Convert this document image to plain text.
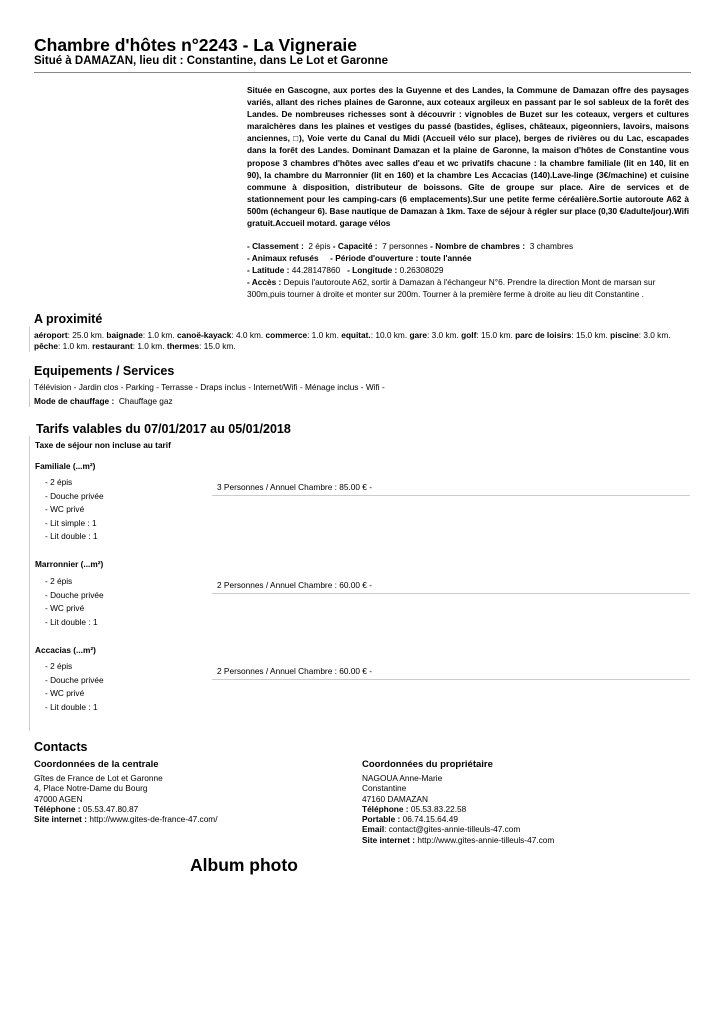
Chambre d'hôtes n°2243 - La Vigneraie
Situé à DAMAZAN, lieu dit : Constantine, dans Le Lot et Garonne
Située en Gascogne, aux portes des la Guyenne et des Landes, la Commune de Damazan offre des paysages variés, allant des riches plaines de Garonne, aux coteaux argileux en passant par le sol sableux de la forêt des Landes. De nombreuses richesses sont à découvrir : vignobles de Buzet sur les coteaux, vergers et cultures maraîchères dans les plaines et vestiges du passé (bastides, églises, châteaux, pigeonniers, lavoirs, maisons anciennes, □), Voie verte du Canal du Midi (Accueil vélo sur place), berges de rivières ou du Lac, escapades dans la forêt des Landes. Dominant Damazan et la plaine de Garonne, la maison d'hôtes de Constantine vous propose 3 chambres d'hôtes avec salles d'eau et wc privatifs chacune : la chambre familiale (lit en 140, lit en 90), la chambre du Marronnier (lit en 160) et la chambre Les Accacias (140).Lave-linge (3€/machine) et cuisine commune à disposition, distributeur de boissons. Gîte de groupe sur place. Aire de services et de stationnement pour les camping-cars (6 emplacements).Sur une petite ferme céréalière.Sortie autoroute A62 à 500m (échangeur 6). Base nautique de Damazan à 1km. Taxe de séjour à régler sur place (0,30 €/adulte/jour).Wifi gratuit.Accueil motard. garage vélos
- Classement : 2 épis - Capacité : 7 personnes - Nombre de chambres : 3 chambres
- Animaux refusés - Période d'ouverture : toute l'année
- Latitude : 44.28147860 - Longitude : 0.26308029
- Accès : Depuis l'autoroute A62, sortir à Damazan à l'échangeur N°6. Prendre la direction Mont de marsan sur 300m,puis tourner à droite et monter sur 200m. Tourner à la première ferme à droite au lieu dit Constantine .
A proximité
aéroport: 25.0 km. baignade: 1.0 km. canoë-kayack: 4.0 km. commerce: 1.0 km. equitat.: 10.0 km. gare: 3.0 km. golf: 15.0 km. parc de loisirs: 15.0 km. piscine: 3.0 km. pêche: 1.0 km. restaurant: 1.0 km. thermes: 15.0 km.
Equipements / Services
Télévision - Jardin clos - Parking - Terrasse - Draps inclus - Internet/Wifi - Ménage inclus - Wifi -
Mode de chauffage : Chauffage gaz
Tarifs valables du 07/01/2017 au 05/01/2018
Taxe de séjour non incluse au tarif
Familiale (...m²)
- 2 épis
- Douche privée
- WC privé
- Lit simple : 1
- Lit double : 1
3 Personnes / Annuel Chambre : 85.00 € -
Marronnier (...m²)
- 2 épis
- Douche privée
- WC privé
- Lit double : 1
2 Personnes / Annuel Chambre : 60.00 € -
Accacias (...m²)
- 2 épis
- Douche privée
- WC privé
- Lit double : 1
2 Personnes / Annuel Chambre : 60.00 € -
Contacts
Coordonnées de la centrale
Gîtes de France de Lot et Garonne
4, Place Notre-Dame du Bourg
47000 AGEN
Téléphone : 05.53.47.80.87
Site internet : http://www.gites-de-france-47.com/
Coordonnées du propriétaire
NAGOUA Anne-Marie
Constantine
47160 DAMAZAN
Téléphone : 05.53.83.22.58
Portable : 06.74.15.64.49
Email: contact@gites-annie-tilleuls-47.com
Site internet : http://www.gites-annie-tilleuls-47.com
Album photo
